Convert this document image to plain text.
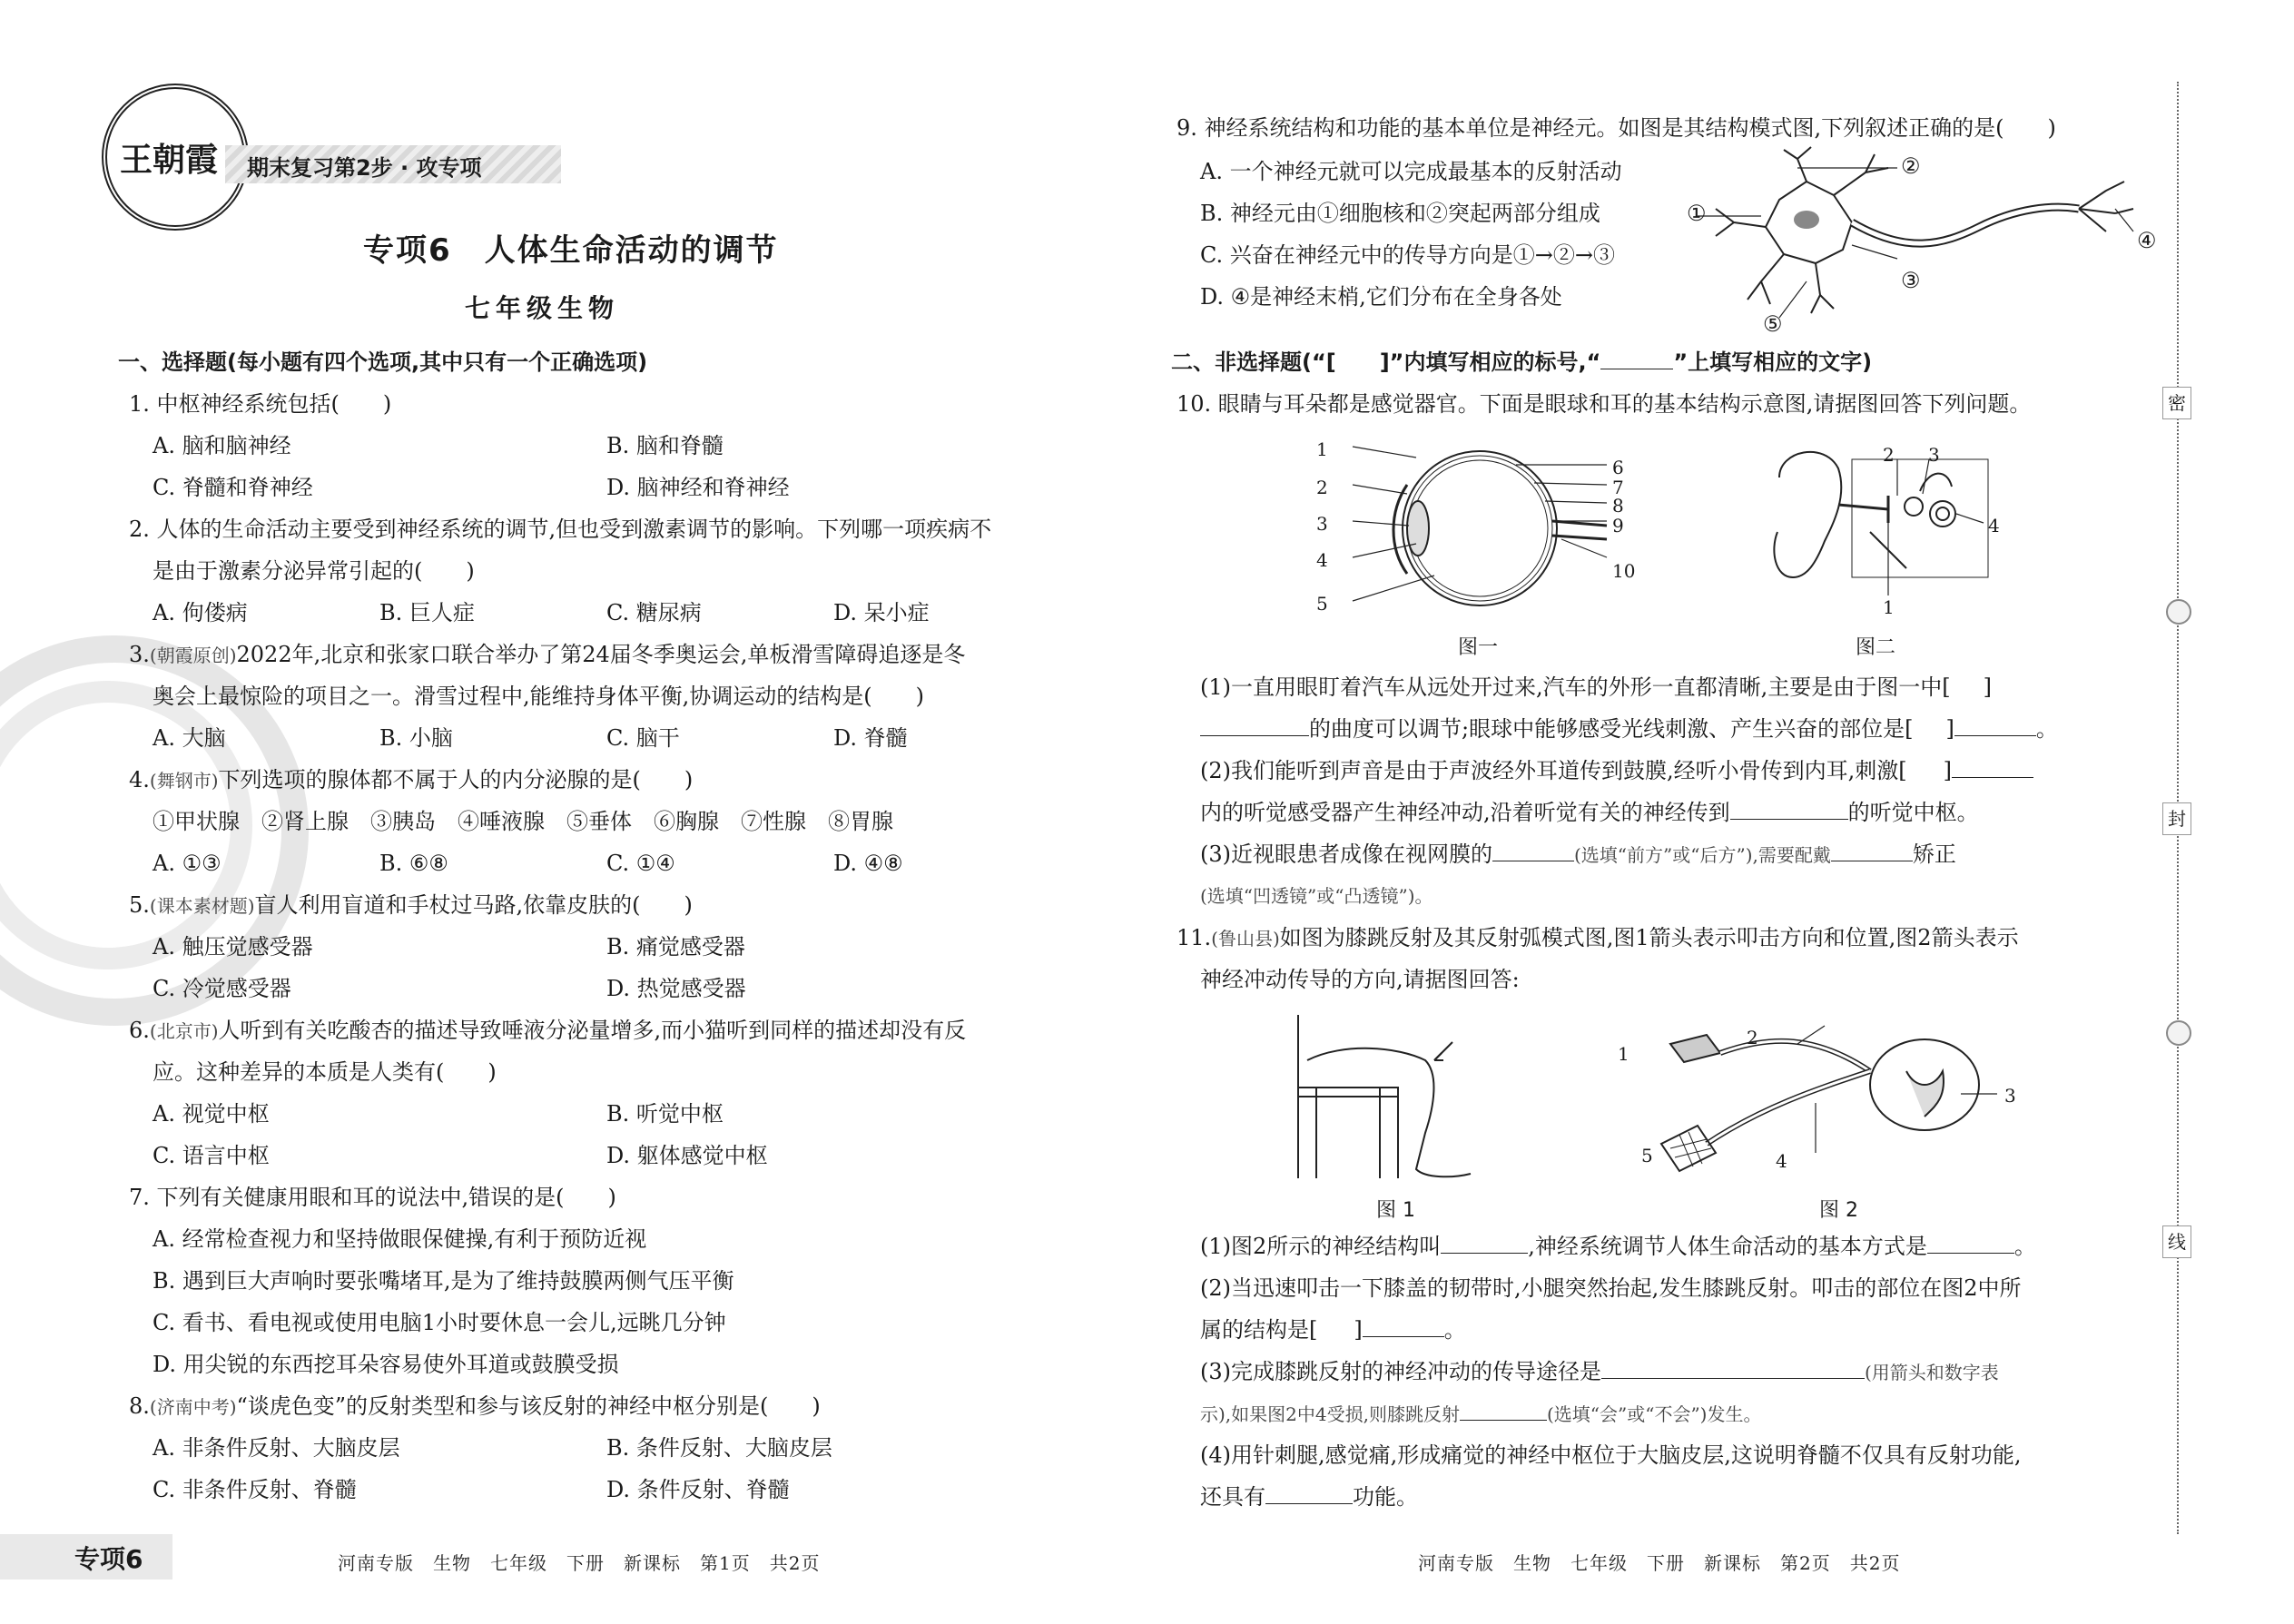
王朝霞 期末复习第2步 · 攻专项
专项6　人体生命活动的调节
七年级生物
一、选择题(每小题有四个选项,其中只有一个正确选项)
1. 中枢神经系统包括(　　)
A. 脑和脑神经	B. 脑和脊髓
C. 脊髓和脊神经	D. 脑神经和脊神经
2. 人体的生命活动主要受到神经系统的调节,但也受到激素调节的影响。下列哪一项疾病不
是由于激素分泌异常引起的(　　)
A. 佝偻病	B. 巨人症	C. 糖尿病	D. 呆小症
3.(朝霞原创)2022年,北京和张家口联合举办了第24届冬季奥运会,单板滑雪障碍追逐是冬
奥会上最惊险的项目之一。滑雪过程中,能维持身体平衡,协调运动的结构是(　　)
A. 大脑	B. 小脑	C. 脑干	D. 脊髓
4.(舞钢市)下列选项的腺体都不属于人的内分泌腺的是(　　)
①甲状腺　②肾上腺　③胰岛　④唾液腺　⑤垂体　⑥胸腺　⑦性腺　⑧胃腺
A. ①③	B. ⑥⑧	C. ①④	D. ④⑧
5.(课本素材题)盲人利用盲道和手杖过马路,依靠皮肤的(　　)
A. 触压觉感受器	B. 痛觉感受器
C. 冷觉感受器	D. 热觉感受器
6.(北京市)人听到有关吃酸杏的描述导致唾液分泌量增多,而小猫听到同样的描述却没有反
应。这种差异的本质是人类有(　　)
A. 视觉中枢	B. 听觉中枢
C. 语言中枢	D. 躯体感觉中枢
7. 下列有关健康用眼和耳的说法中,错误的是(　　)
A. 经常检查视力和坚持做眼保健操,有利于预防近视
B. 遇到巨大声响时要张嘴堵耳,是为了维持鼓膜两侧气压平衡
C. 看书、看电视或使用电脑1小时要休息一会儿,远眺几分钟
D. 用尖锐的东西挖耳朵容易使外耳道或鼓膜受损
8.(济南中考)“谈虎色变”的反射类型和参与该反射的神经中枢分别是(　　)
A. 非条件反射、大脑皮层	B. 条件反射、大脑皮层
C. 非条件反射、脊髓	D. 条件反射、脊髓
9. 神经系统结构和功能的基本单位是神经元。如图是其结构模式图,下列叙述正确的是(　　)
A. 一个神经元就可以完成最基本的反射活动
B. 神经元由①细胞核和②突起两部分组成
C. 兴奋在神经元中的传导方向是①→②→③
D. ④是神经末梢,它们分布在全身各处
①
②
③
④
⑤
二、非选择题(“[　　]”内填写相应的标号,“	”上填写相应的文字)
10. 眼睛与耳朵都是感觉器官。下面是眼球和耳的基本结构示意图,请据图回答下列问题。
1
2
3
4
5
6
7
8
9
10
图一
2 3
4
1
图二
(1)一直用眼盯着汽车从远处开过来,汽车的外形一直都清晰,主要是由于图一中[ ]
的曲度可以调节;眼球中能够感受光线刺激、产生兴奋的部位是[ ]	。
(2)我们能听到声音是由于声波经外耳道传到鼓膜,经听小骨传到内耳,刺激[ ]
内的听觉感受器产生神经冲动,沿着听觉有关的神经传到	的听觉中枢。
(3)近视眼患者成像在视网膜的	(选填“前方”或“后方”),需要配戴	矫正
(选填“凹透镜”或“凸透镜”)。
11.(鲁山县)如图为膝跳反射及其反射弧模式图,图1箭头表示叩击方向和位置,图2箭头表示
神经冲动传导的方向,请据图回答:
图 1
1
2
3
4
5
图 2
(1)图2所示的神经结构叫	,神经系统调节人体生命活动的基本方式是	。
(2)当迅速叩击一下膝盖的韧带时,小腿突然抬起,发生膝跳反射。叩击的部位在图2中所
属的结构是[ ]	。
(3)完成膝跳反射的神经冲动的传导途径是	(用箭头和数字表
示),如果图2中4受损,则膝跳反射	(选填“会”或“不会”)发生。
(4)用针刺腿,感觉痛,形成痛觉的神经中枢位于大脑皮层,这说明脊髓不仅具有反射功能,
还具有	功能。
密
封
线
专项6	河南专版　生物　七年级　下册　新课标　第1页　共2页	河南专版　生物　七年级　下册　新课标　第2页　共2页
